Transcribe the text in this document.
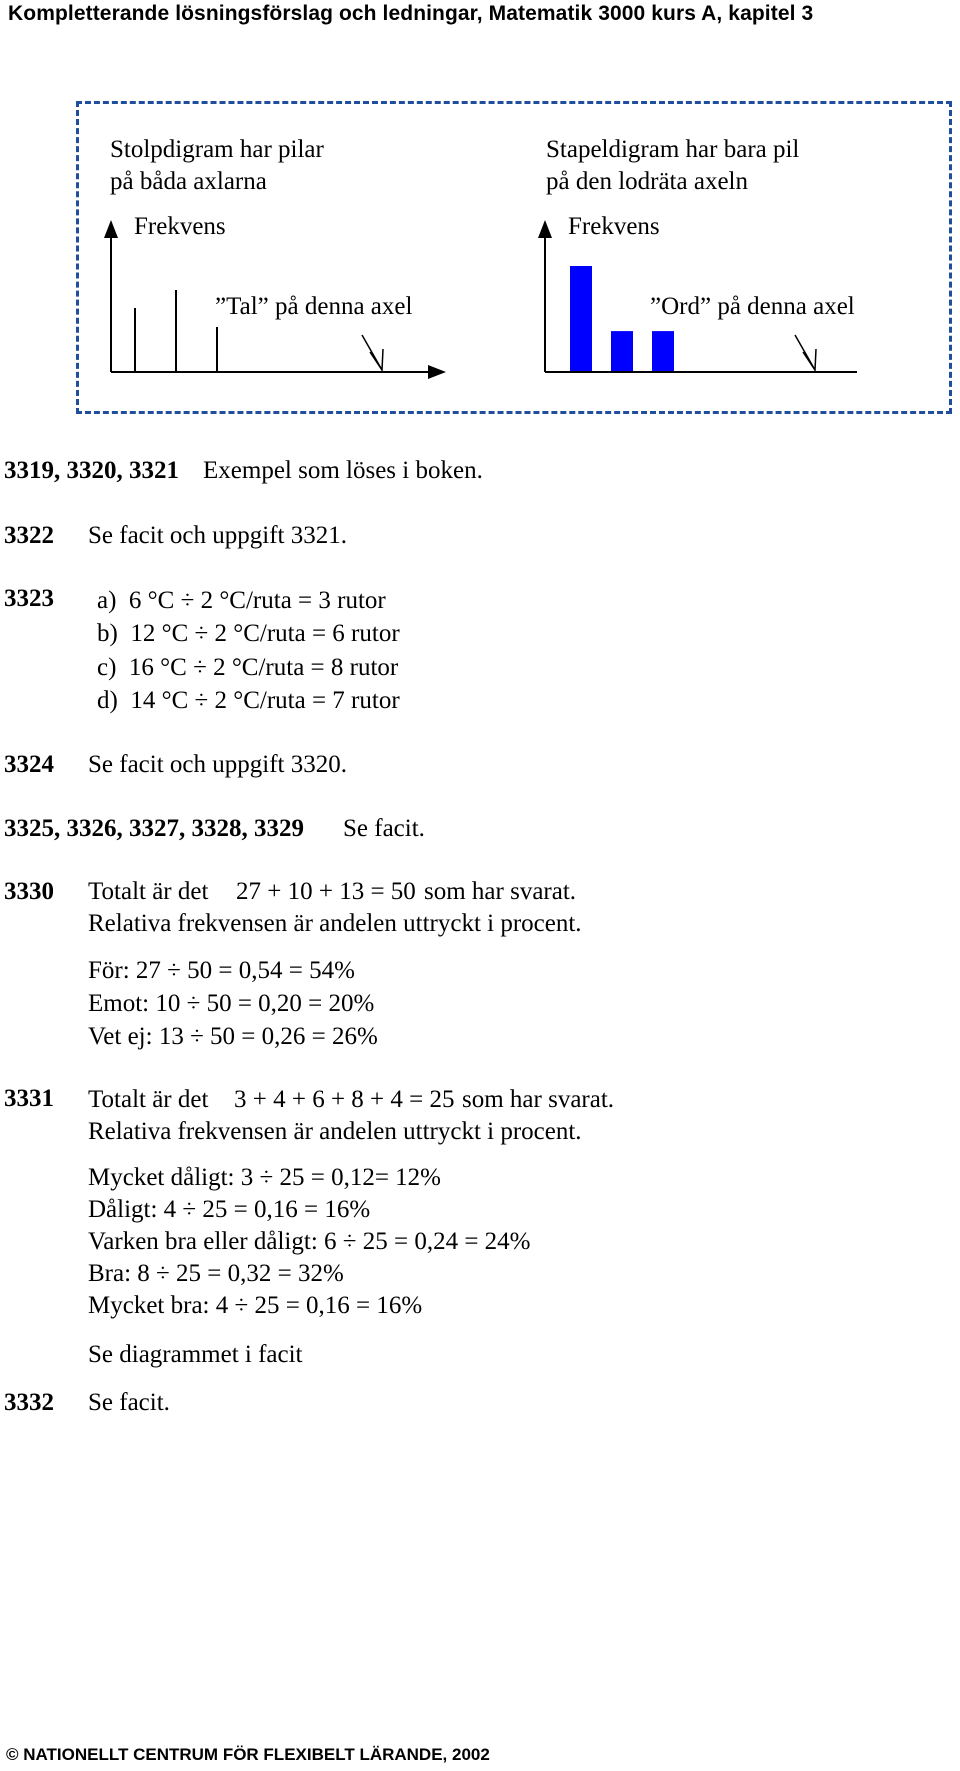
Kompletterande lösningsförslag och ledningar, Matematik 3000 kurs A, kapitel 3
Stolpdigram har pilar
på båda axlarna
Frekvens
”Tal” på denna axel
Stapeldigram har bara pil
på den lodräta axeln
Frekvens
”Ord” på denna axel
3319, 3320, 3321 Exempel som löses i boken.
3322 Se facit och uppgift 3321.
3323 a)  6 °C ÷ 2 °C/ruta = 3 rutor
b)  12 °C ÷ 2 °C/ruta = 6 rutor
c)  16 °C ÷ 2 °C/ruta = 8 rutor
d)  14 °C ÷ 2 °C/ruta = 7 rutor
3324 Se facit och uppgift 3320.
3325, 3326, 3327, 3328, 3329 Se facit.
3330 Totalt är det 27 + 10 + 13 = 50 som har svarat.
Relativa frekvensen är andelen uttryckt i procent.
För: 27 ÷ 50 = 0,54 = 54%
Emot: 10 ÷ 50 = 0,20 = 20%
Vet ej: 13 ÷ 50 = 0,26 = 26%
3331 Totalt är det 3 + 4 + 6 + 8 + 4 = 25 som har svarat.
Relativa frekvensen är andelen uttryckt i procent.
Mycket dåligt: 3 ÷ 25 = 0,12= 12%
Dåligt: 4 ÷ 25 = 0,16 = 16%
Varken bra eller dåligt: 6 ÷ 25 = 0,24 = 24%
Bra: 8 ÷ 25 = 0,32 = 32%
Mycket bra: 4 ÷ 25 = 0,16 = 16%
Se diagrammet i facit
3332 Se facit.
© NATIONELLT CENTRUM FÖR FLEXIBELT LÄRANDE, 2002
